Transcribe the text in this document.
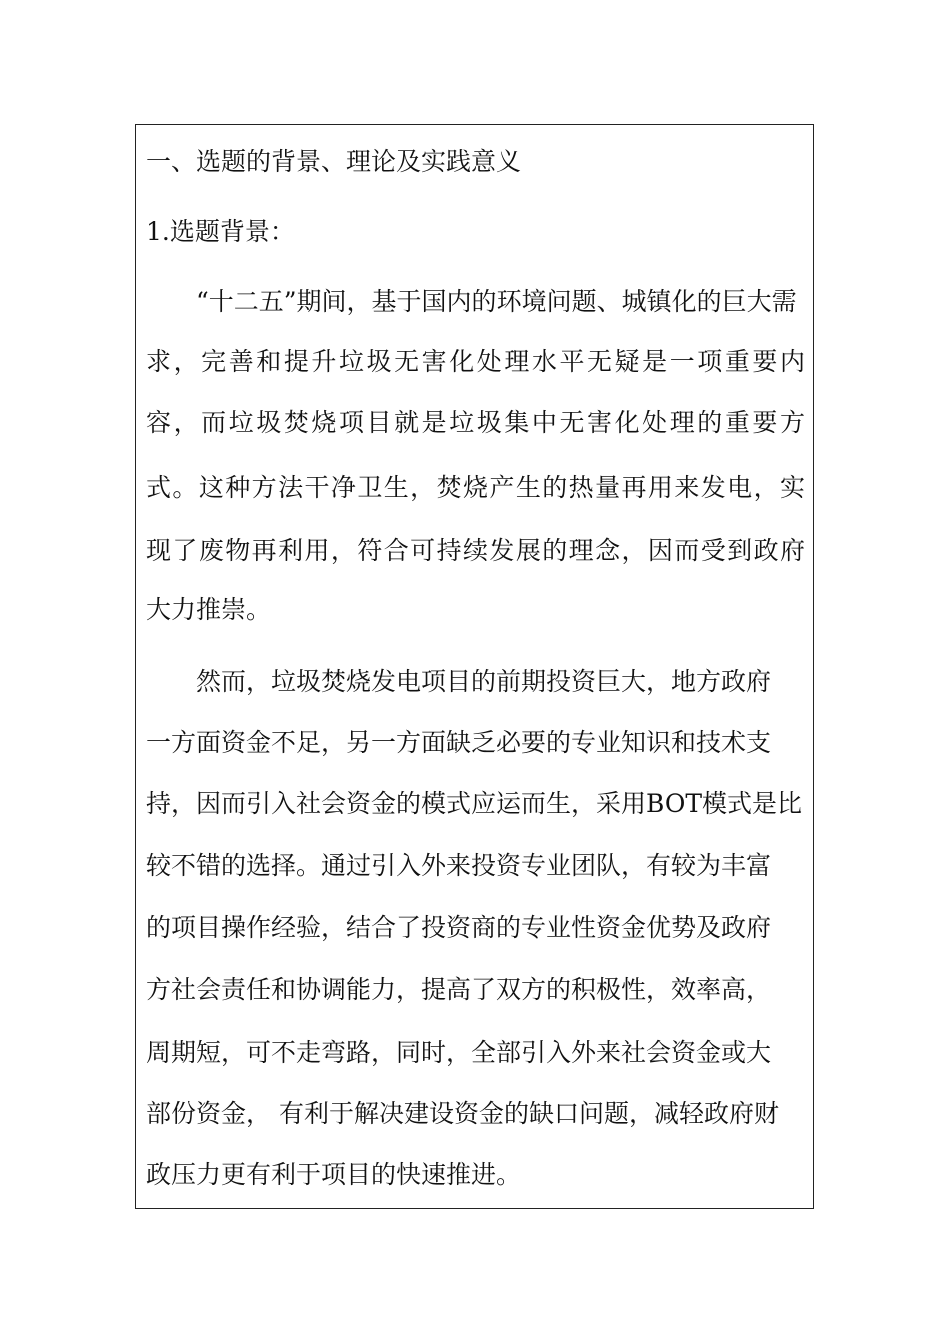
一、选题的背景、理论及实践意义
1.选题背景：
“十二五”期间，基于国内的环境问题、城镇化的巨大需
求，完善和提升垃圾无害化处理水平无疑是一项重要内
容，而垃圾焚烧项目就是垃圾集中无害化处理的重要方
式。这种方法干净卫生，焚烧产生的热量再用来发电，实
现了废物再利用，符合可持续发展的理念，因而受到政府
大力推崇。
然而，垃圾焚烧发电项目的前期投资巨大，地方政府
一方面资金不足，另一方面缺乏必要的专业知识和技术支
持，因而引入社会资金的模式应运而生，采用BOT模式是比
较不错的选择。通过引入外来投资专业团队，有较为丰富
的项目操作经验，结合了投资商的专业性资金优势及政府
方社会责任和协调能力，提高了双方的积极性，效率高，
周期短，可不走弯路，同时，全部引入外来社会资金或大
部份资金， 有利于解决建设资金的缺口问题，减轻政府财
政压力更有利于项目的快速推进。
